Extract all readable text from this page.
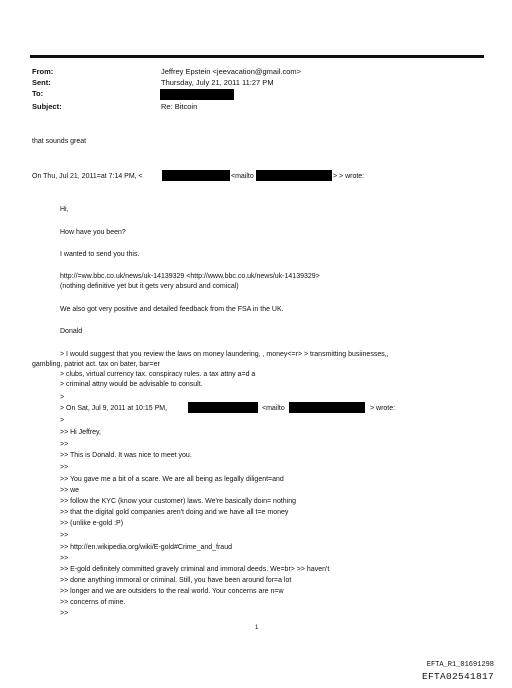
From:	Jeffrey Epstein <jeevacation@gmail.com>
Sent:	Thursday, July 21, 2011 11:27 PM
To:
Subject:	Re: Bitcoin
that sounds great
On Thu, Jul 21, 2011=at 7:14 PM, <	<mailto	> > wrote:
Hi,
How have you been?
I wanted to send you this.
http://=ww.bbc.co.uk/news/uk-14139329 <http://www.bbc.co.uk/news/uk-14139329>
(nothing definitive yet but it gets very absurd and comical)
We also got very positive and detailed feedback from the FSA in the UK.
Donald
> I would suggest that you review the laws on money laundering, , money<=r> > transmitting busiinesses,,
gambling, patriot act. tax on bater, bar=er
> clubs, virtual currency tax. conspiracy rules. a tax attny a=d a
> criminal attny would be advisable to consult.
>
> On Sat, Jul 9, 2011 at 10:15 PM,	<mailto	> wrote:
>
>> Hi Jeffrey,
>>
>> This is Donald. It was nice to meet you.
>>
>> You gave me a bit of a scare. We are all being as legally diligent=and
>> we
>> follow the KYC (know your customer) laws. We're basically doin= nothing
>> that the digital gold companies aren't doing and we have all t=e money
>> (unlike e-gold :P)
>>
>> http://en.wikipedia.org/wiki/E-gold#Crime_and_fraud
>>
>> E-gold definitely committed gravely criminal and immoral deeds. We=br> >> haven't
>> done anything immoral or criminal. Still, you have been around for=a lot
>> longer and we are outsiders to the real world. Your concerns are n=w
>> concerns of mine.
>>
1
EFTA_R1_01691298
EFTA02541817
